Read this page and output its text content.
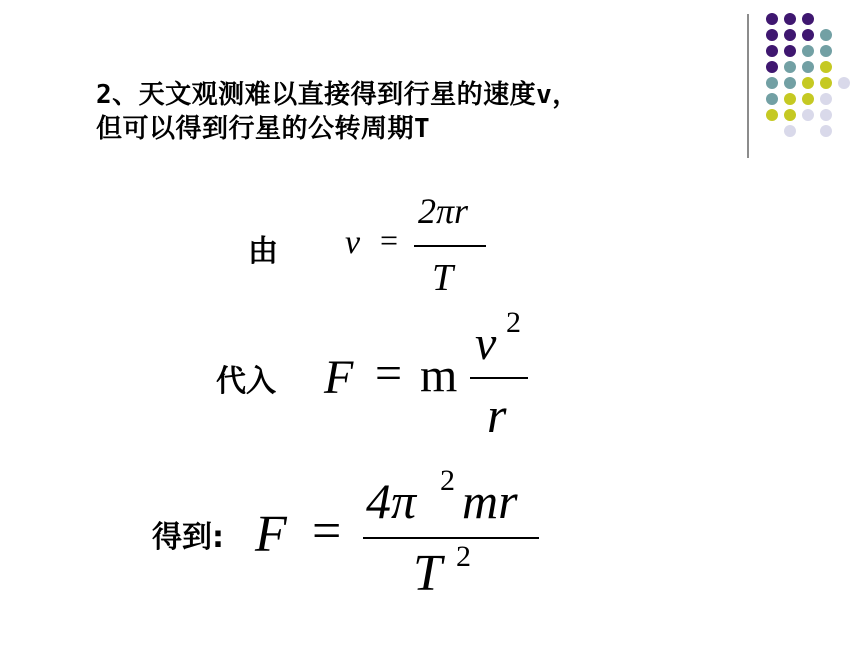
2、天文观测难以直接得到行星的速度v，
但可以得到行星的公转周期T
由 v =
2πr
T
代入 F = m
v 2
r
得到: F =
4π 2 mr
T 2
